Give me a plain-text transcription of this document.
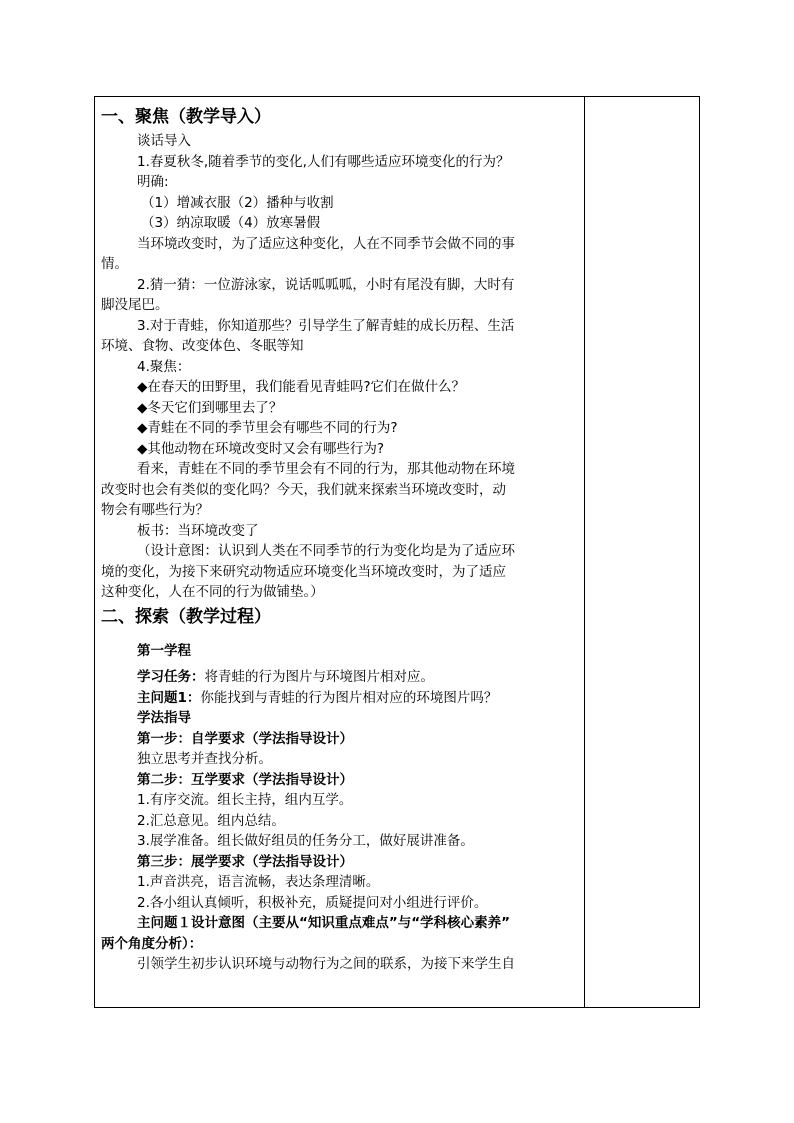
一、聚焦（教学导入）
谈话导入
1.春夏秋冬,随着季节的变化,人们有哪些适应环境变化的行为？
明确:
（1）增减衣服（2）播种与收割
（3）纳凉取暖（4）放寒暑假
当环境改变时，为了适应这种变化，人在不同季节会做不同的事
情。
2.猜一猜：一位游泳家，说话呱呱呱，小时有尾没有脚，大时有
脚没尾巴。
3.对于青蛙，你知道那些？引导学生了解青蛙的成长历程、生活
环境、食物、改变体色、冬眠等知
4.聚焦：
◆在春天的田野里，我们能看见青蛙吗?它们在做什么？
◆冬天它们到哪里去了？
◆青蛙在不同的季节里会有哪些不同的行为?
◆其他动物在环境改变时又会有哪些行为?
看来，青蛙在不同的季节里会有不同的行为，那其他动物在环境
改变时也会有类似的变化吗？今天，我们就来探索当环境改变时，动
物会有哪些行为？
板书：当环境改变了
（设计意图：认识到人类在不同季节的行为变化均是为了适应环
境的变化，为接下来研究动物适应环境变化当环境改变时，为了适应
这种变化，人在不同的行为做铺垫。）
二、探索（教学过程）
第一学程
学习任务：将青蛙的行为图片与环境图片相对应。
主问题1：你能找到与青蛙的行为图片相对应的环境图片吗？
学法指导
第一步：自学要求（学法指导设计）
独立思考并查找分析。
第二步：互学要求（学法指导设计）
1.有序交流。组长主持，组内互学。
2.汇总意见。组内总结。
3.展学准备。组长做好组员的任务分工，做好展讲准备。
第三步：展学要求（学法指导设计）
1.声音洪亮，语言流畅，表达条理清晰。
2.各小组认真倾听，积极补充，质疑提问对小组进行评价。
主问题１设计意图（主要从“知识重点难点”与“学科核心素养”
两个角度分析）：
引领学生初步认识环境与动物行为之间的联系，为接下来学生自
